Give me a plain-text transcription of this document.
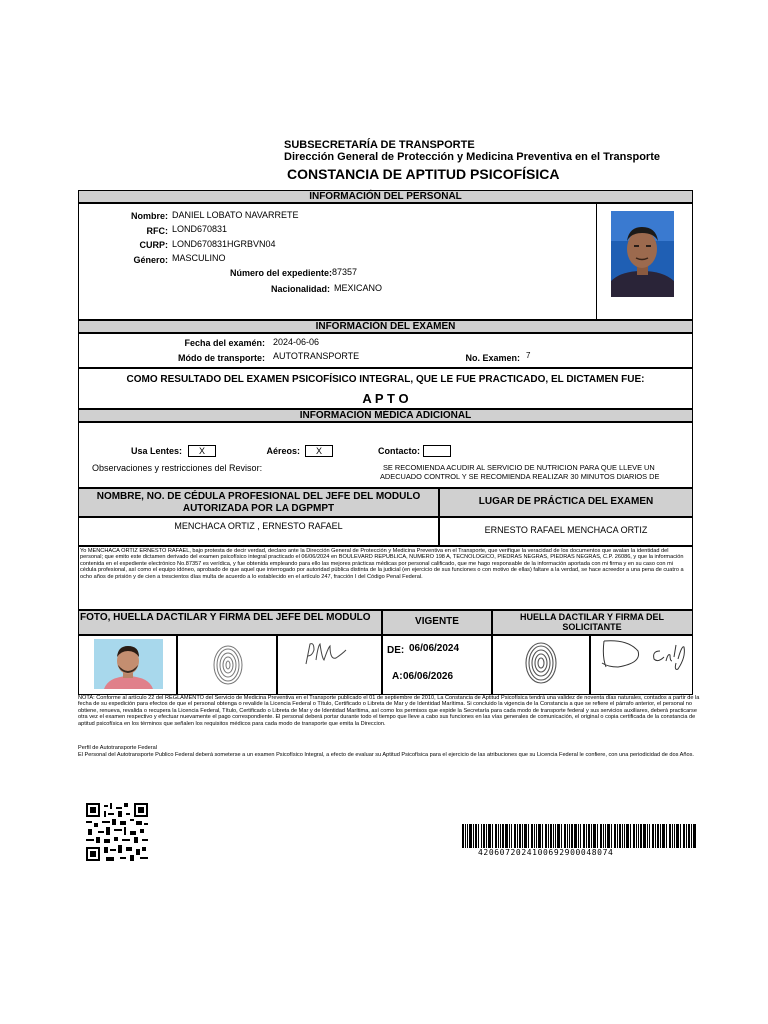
SUBSECRETARÍA DE TRANSPORTE
Dirección General de Protección y Medicina Preventiva en el Transporte
CONSTANCIA DE APTITUD PSICOFÍSICA
INFORMACIÓN DEL PERSONAL
Nombre: DANIEL LOBATO NAVARRETE
RFC: LOND670831
CURP: LOND670831HGRBVN04
Género: MASCULINO
Número del expediente: 87357
Nacionalidad: MEXICANO
INFORMACIÓN DEL EXAMEN
Fecha del examén: 2024-06-06
Módo de transporte: AUTOTRANSPORTE	No. Examen: 7
COMO RESULTADO DEL EXAMEN PSICOFÍSICO INTEGRAL, QUE LE FUE PRACTICADO, EL DICTAMEN FUE:
A P T O
INFORMACIÓN MÉDICA ADICIONAL
Usa Lentes:	X	Aéreos:	X	Contacto:
Observaciones y restricciones del Revisor:	SE RECOMIENDA ACUDIR AL SERVICIO DE NUTRICION PARA QUE LLEVE UN
ADECUADO CONTROL Y SE RECOMIENDA REALIZAR 30 MINUTOS DIARIOS DE
NOMBRE, NO. DE CÉDULA PROFESIONAL DEL JEFE DEL MODULO AUTORIZADA POR LA DGPMPT
LUGAR DE PRÁCTICA DEL EXAMEN
MENCHACA ORTIZ , ERNESTO RAFAEL	ERNESTO RAFAEL MENCHACA ORTIZ
Yo MENCHACA ORTIZ ERNESTO RAFAEL, bajo protesta de decir verdad, declaro ante la Dirección General de Protección y Medicina Preventiva en el Transporte, que verifique la veracidad de los documentos que avalan la identidad del personal; que emito este dictamen derivado del examen psicofísico integral practicado el 06/06/2024 en BOULEVARD REPUBLICA, NUMERO 198 A, TECNOLOGICO, PIEDRAS NEGRAS, PIEDRAS NEGRAS, C.P. 26086, y que la información contenida en el expediente electrónico No.87357 es verídica, y fue obtenida empleando para ello las mejores prácticas médicas por personal calificado, que me hago responsable de la información aportada con mi firma y en su caso con mi cédula profesional, así como el equipo idóneo, aprobado de que aquel que interrogado por autoridad pública distinta de la judicial (en ejercicio de sus funciones o con motivo de ellas) faltare a la verdad, se hace acreedor a una pena de cuatro a ocho años de prisión y de cien a trescientos días multa de acuerdo a lo establecido en el artículo 247, fracción I del Código Penal Federal.
FOTO, HUELLA DACTILAR Y FIRMA DEL JEFE DEL MODULO	VIGENTE	HUELLA DACTILAR Y FIRMA DEL SOLICITANTE
DE: 06/06/2024
A: 06/06/2026
NOTA: Conforme al artículo 22 del REGLAMENTO del Servicio de Medicina Preventiva en el Transporte publicado el 01 de septiembre de 2010, La Constancia de Aptitud Psicofísica tendrá una validez de noventa días naturales, contados a partir de la fecha de su expedición para efectos de que el personal obtenga o revalide la Licencia Federal o Título, Certificado o Libreta de Mar y de Identidad Marítima. Si concluido la vigencia de la Constancia a que se refiere el párrafo anterior, el personal no obtiene, renueva, revalida o recupera la Licencia Federal, Título, Certificado o Libreta de Mar y de Identidad Marítima, así como los permisos que expide la Secretaría para cada modo de transporte federal y sus servicios auxiliares, deberá practicarse otra vez el examen respectivo y efectuar nuevamente el pago correspondiente. El personal deberá portar durante todo el tiempo que lleve a cabo sus funciones en las vías generales de comunicación, el original o copia certificada de la constancia de aptitud psicofísica en los términos que señalen los requisitos médicos para cada modo de transporte que emita la Direccion.
Perfil de Autotransporte Federal
El Personal del Autotransporte Publico Federal deberá someterse a un examen Psicofísico Integral, a efecto de evaluar su Aptitud Psicofísica para el ejercicio de las atribuciones que su Licencia Federal le confiere, con una periodicidad de dos Años.
4206072024100692900048074
